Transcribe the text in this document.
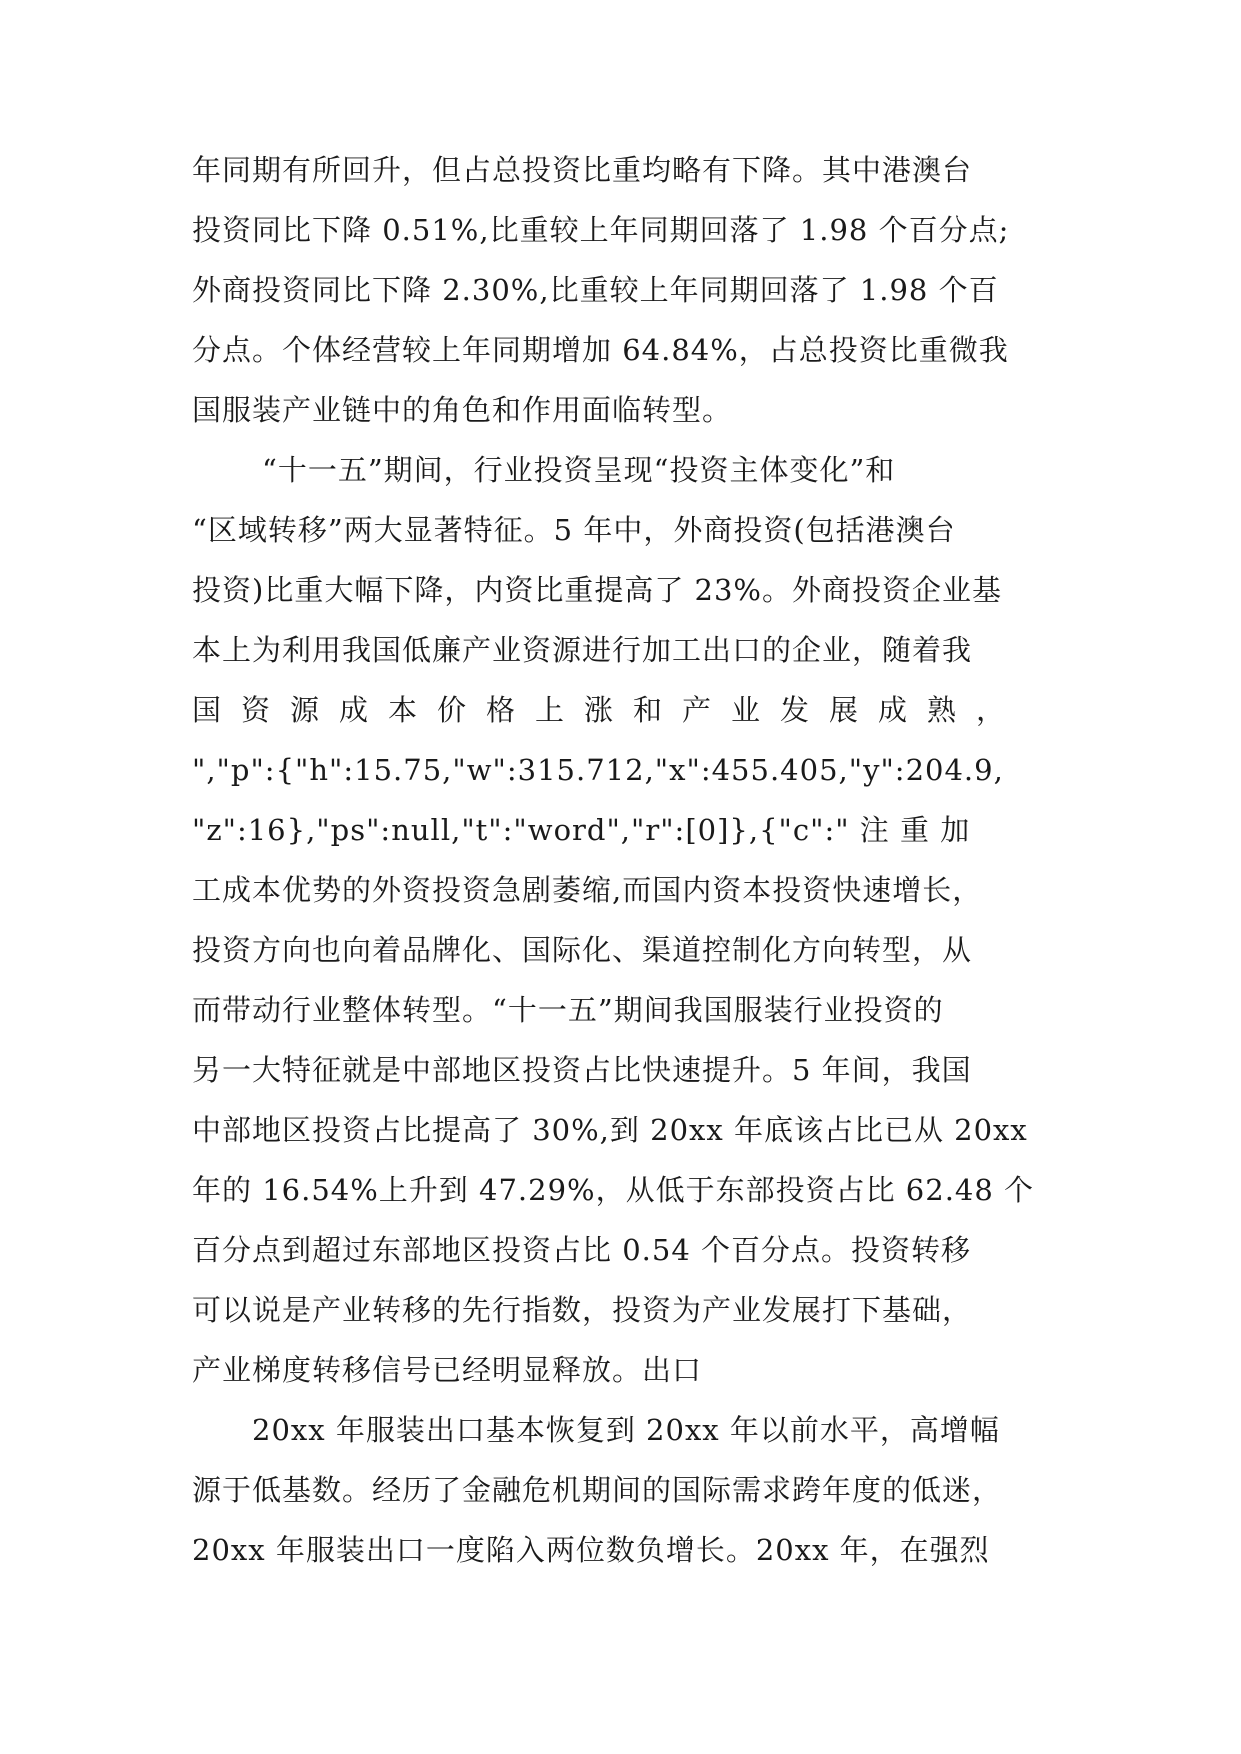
年同期有所回升，但占总投资比重均略有下降。其中港澳台
投资同比下降 0.51%,比重较上年同期回落了 1.98 个百分点;
外商投资同比下降 2.30%,比重较上年同期回落了 1.98 个百
分点。个体经营较上年同期增加 64.84%，占总投资比重微我
国服装产业链中的角色和作用面临转型。
“十一五”期间，行业投资呈现“投资主体变化”和
“区域转移”两大显著特征。5 年中，外商投资(包括港澳台
投资)比重大幅下降，内资比重提高了 23%。外商投资企业基
本上为利用我国低廉产业资源进行加工出口的企业，随着我
国资源成本价格上涨和产业发展成熟，
","p":{"h":15.75,"w":315.712,"x":455.405,"y":204.9,
"z":16},"ps":null,"t":"word","r":[0]},{"c":" 注 重 加
工成本优势的外资投资急剧萎缩,而国内资本投资快速增长，
投资方向也向着品牌化、国际化、渠道控制化方向转型，从
而带动行业整体转型。“十一五”期间我国服装行业投资的
另一大特征就是中部地区投资占比快速提升。5 年间，我国
中部地区投资占比提高了 30%,到 20xx 年底该占比已从 20xx
年的 16.54%上升到 47.29%，从低于东部投资占比 62.48 个
百分点到超过东部地区投资占比 0.54 个百分点。投资转移
可以说是产业转移的先行指数，投资为产业发展打下基础，
产业梯度转移信号已经明显释放。出口
20xx 年服装出口基本恢复到 20xx 年以前水平，高增幅
源于低基数。经历了金融危机期间的国际需求跨年度的低迷，
20xx 年服装出口一度陷入两位数负增长。20xx 年，在强烈
